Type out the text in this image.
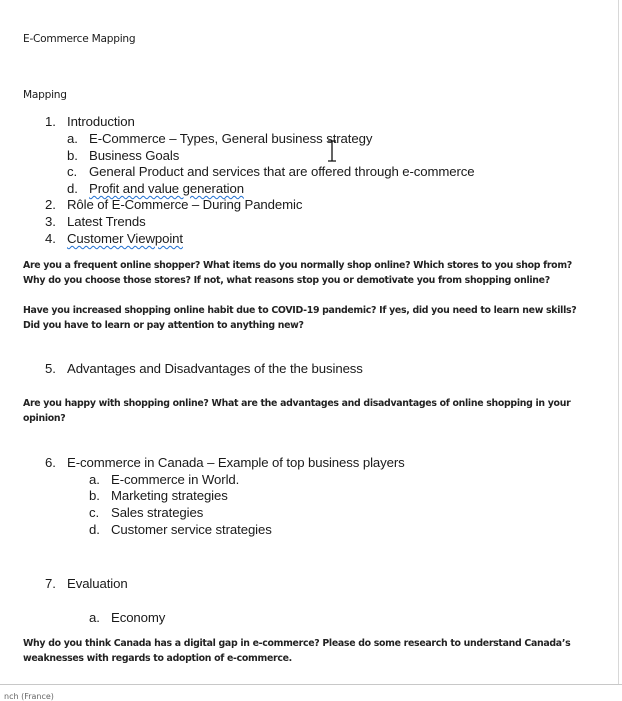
E-Commerce Mapping
Mapping
1. Introduction
a. E-Commerce – Types, General business strategy
b. Business Goals
c. General Product and services that are offered through e-commerce
d. Profit and value generation
2. Rôle of E-Commerce – During Pandemic
3. Latest Trends
4. Customer Viewpoint
Are you a frequent online shopper? What items do you normally shop online? Which stores to you shop from?
Why do you choose those stores? If not, what reasons stop you or demotivate you from shopping online?
Have you increased shopping online habit due to COVID-19 pandemic? If yes, did you need to learn new skills?
Did you have to learn or pay attention to anything new?
5. Advantages and Disadvantages of the the business
Are you happy with shopping online? What are the advantages and disadvantages of online shopping in your
opinion?
6. E-commerce in Canada – Example of top business players
a. E-commerce in World.
b. Marketing strategies
c. Sales strategies
d. Customer service strategies
7. Evaluation
a. Economy
Why do you think Canada has a digital gap in e-commerce? Please do some research to understand Canada’s
weaknesses with regards to adoption of e-commerce.
nch (France)
